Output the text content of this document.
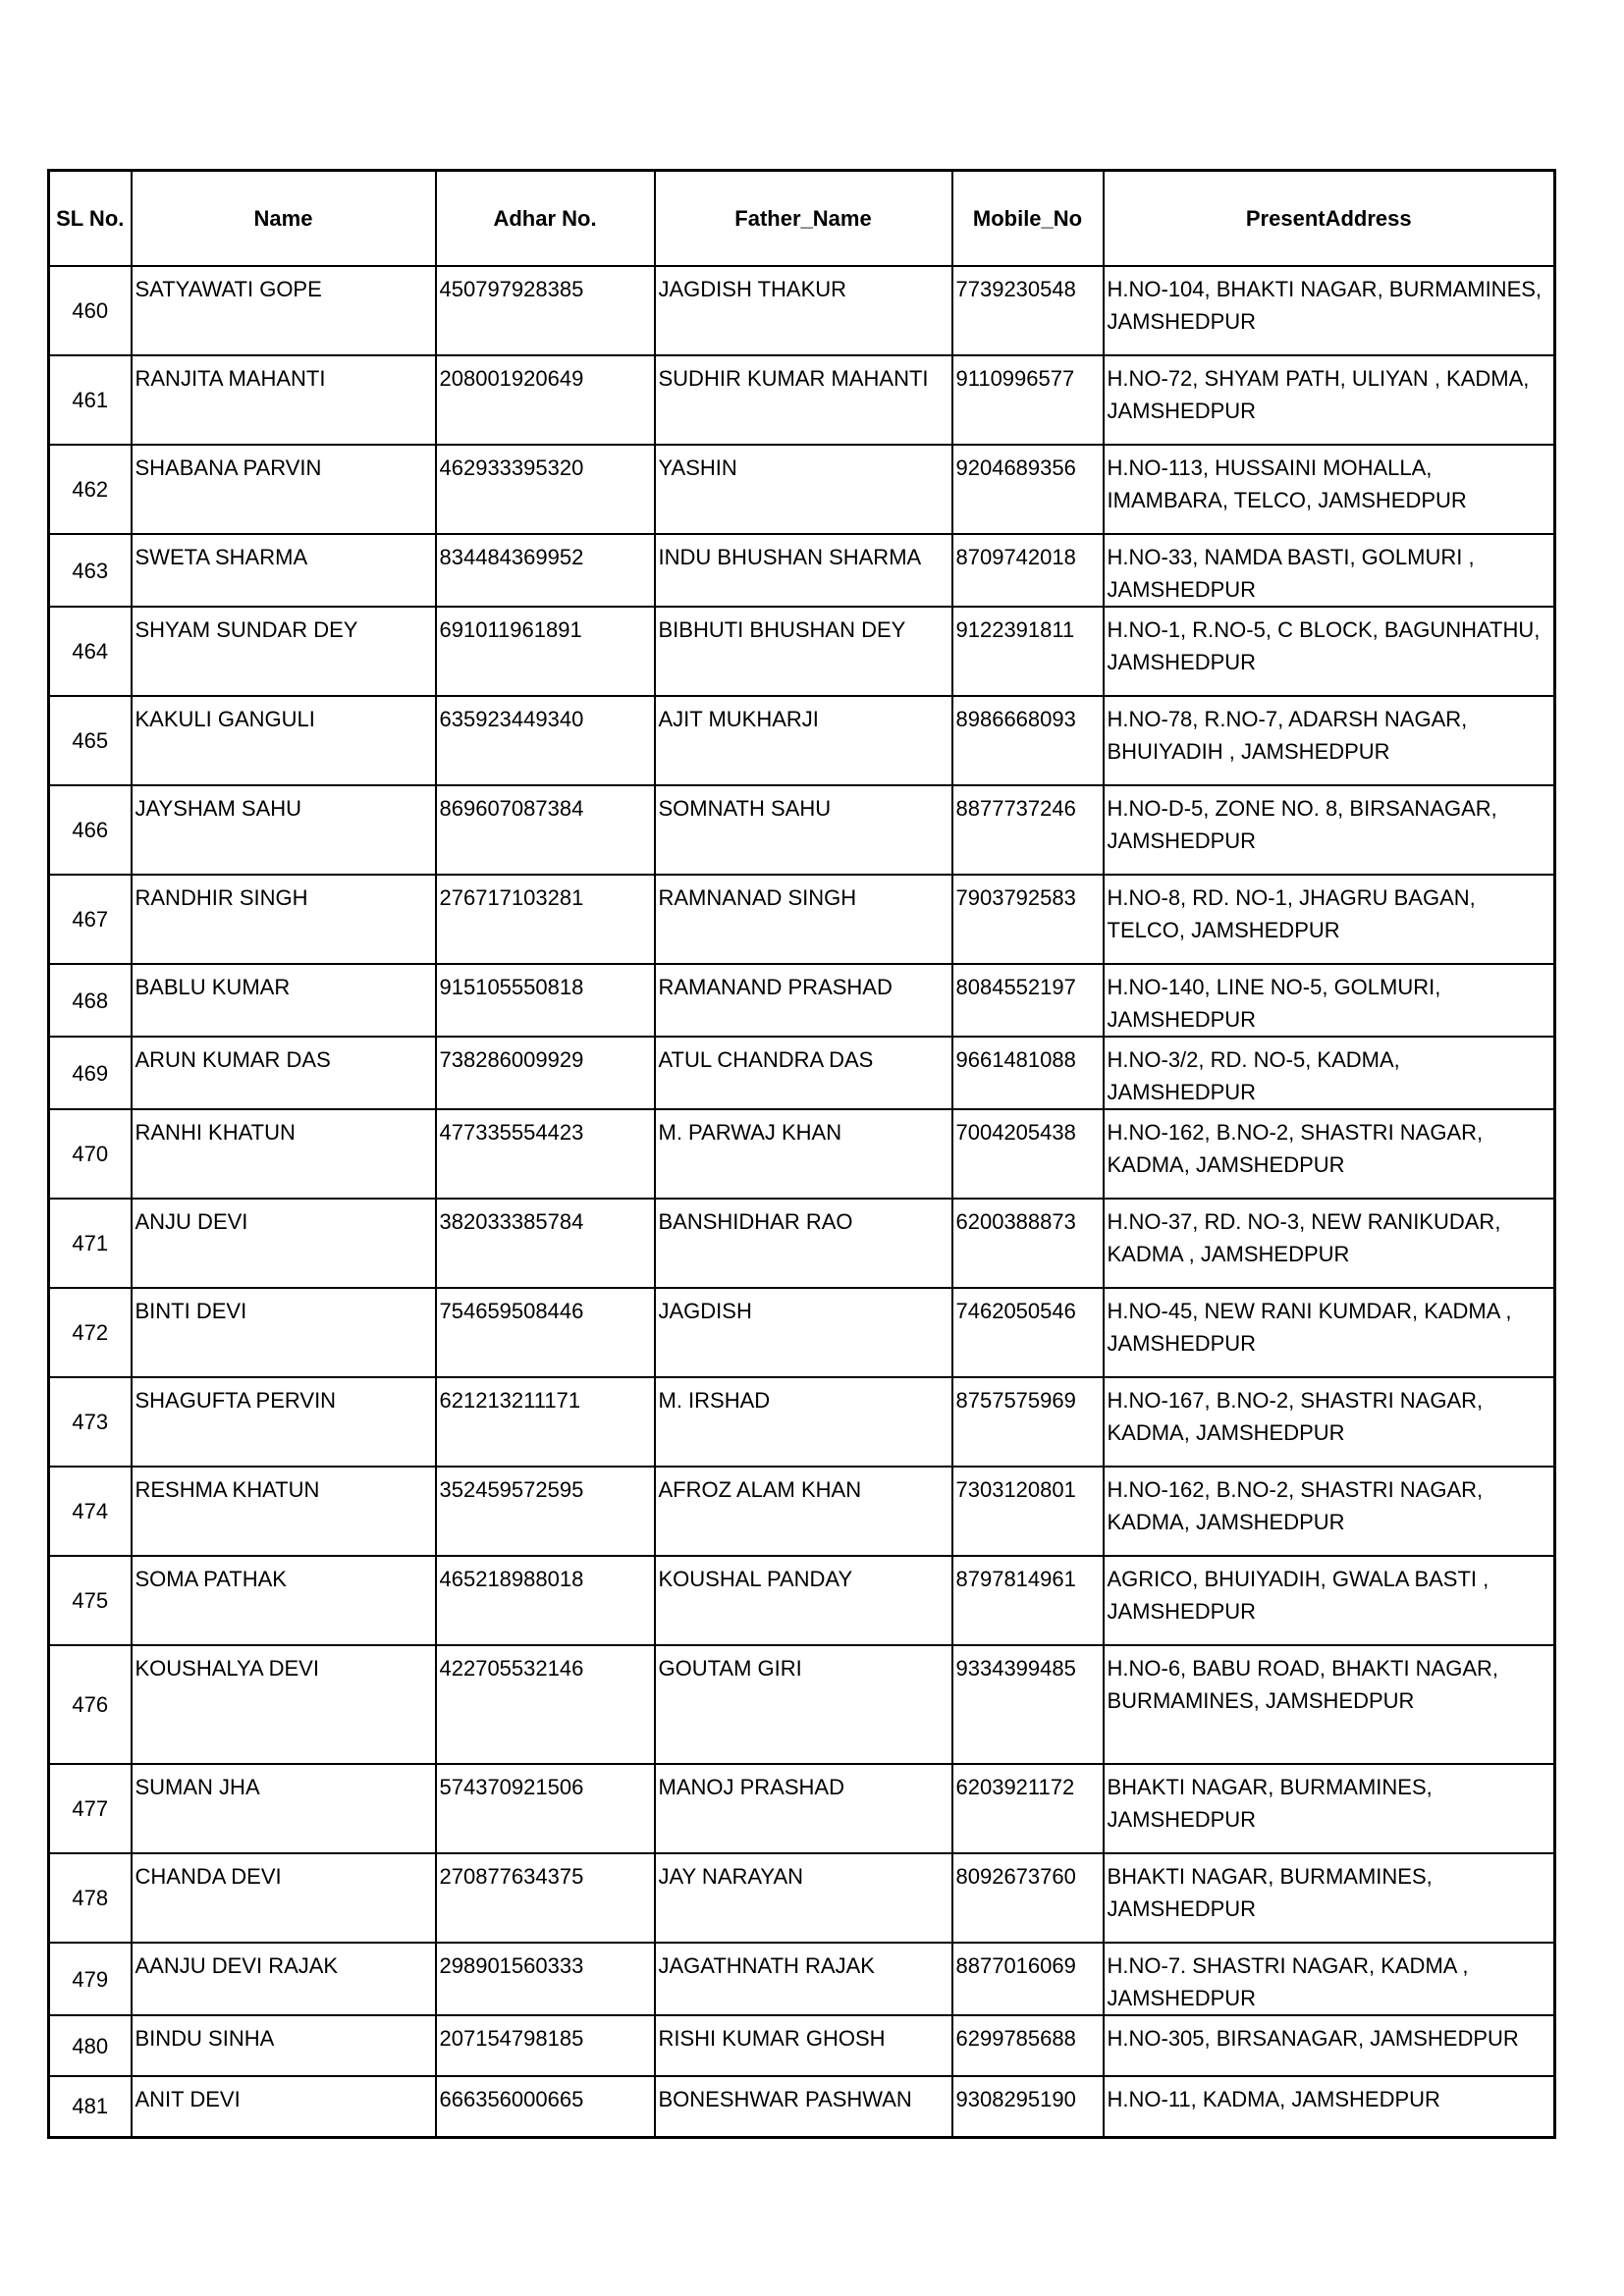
SL No.	Name	Adhar No.	Father_Name	Mobile_No	PresentAddress
460	SATYAWATI GOPE	450797928385	JAGDISH THAKUR	7739230548	H.NO-104, BHAKTI NAGAR, BURMAMINES, JAMSHEDPUR
461	RANJITA MAHANTI	208001920649	SUDHIR KUMAR MAHANTI	9110996577	H.NO-72, SHYAM PATH, ULIYAN , KADMA, JAMSHEDPUR
462	SHABANA PARVIN	462933395320	YASHIN	9204689356	H.NO-113, HUSSAINI MOHALLA, IMAMBARA, TELCO, JAMSHEDPUR
463	SWETA SHARMA	834484369952	INDU BHUSHAN SHARMA	8709742018	H.NO-33, NAMDA BASTI, GOLMURI , JAMSHEDPUR
464	SHYAM SUNDAR DEY	691011961891	BIBHUTI BHUSHAN DEY	9122391811	H.NO-1, R.NO-5, C BLOCK, BAGUNHATHU, JAMSHEDPUR
465	KAKULI GANGULI	635923449340	AJIT MUKHARJI	8986668093	H.NO-78, R.NO-7, ADARSH NAGAR, BHUIYADIH , JAMSHEDPUR
466	JAYSHAM SAHU	869607087384	SOMNATH SAHU	8877737246	H.NO-D-5, ZONE NO. 8, BIRSANAGAR, JAMSHEDPUR
467	RANDHIR SINGH	276717103281	RAMNANAD SINGH	7903792583	H.NO-8, RD. NO-1, JHAGRU BAGAN, TELCO, JAMSHEDPUR
468	BABLU KUMAR	915105550818	RAMANAND PRASHAD	8084552197	H.NO-140, LINE NO-5, GOLMURI, JAMSHEDPUR
469	ARUN KUMAR DAS	738286009929	ATUL CHANDRA DAS	9661481088	H.NO-3/2, RD. NO-5, KADMA, JAMSHEDPUR
470	RANHI KHATUN	477335554423	M. PARWAJ KHAN	7004205438	H.NO-162, B.NO-2, SHASTRI NAGAR, KADMA, JAMSHEDPUR
471	ANJU DEVI	382033385784	BANSHIDHAR RAO	6200388873	H.NO-37, RD. NO-3, NEW RANIKUDAR, KADMA , JAMSHEDPUR
472	BINTI DEVI	754659508446	JAGDISH	7462050546	H.NO-45, NEW RANI KUMDAR, KADMA , JAMSHEDPUR
473	SHAGUFTA PERVIN	621213211171	M. IRSHAD	8757575969	H.NO-167, B.NO-2, SHASTRI NAGAR, KADMA, JAMSHEDPUR
474	RESHMA KHATUN	352459572595	AFROZ ALAM KHAN	7303120801	H.NO-162, B.NO-2, SHASTRI NAGAR, KADMA, JAMSHEDPUR
475	SOMA PATHAK	465218988018	KOUSHAL PANDAY	8797814961	AGRICO, BHUIYADIH, GWALA BASTI , JAMSHEDPUR
476	KOUSHALYA DEVI	422705532146	GOUTAM GIRI	9334399485	H.NO-6, BABU ROAD, BHAKTI NAGAR, BURMAMINES, JAMSHEDPUR
477	SUMAN JHA	574370921506	MANOJ PRASHAD	6203921172	BHAKTI NAGAR, BURMAMINES, JAMSHEDPUR
478	CHANDA DEVI	270877634375	JAY NARAYAN	8092673760	BHAKTI NAGAR, BURMAMINES, JAMSHEDPUR
479	AANJU DEVI RAJAK	298901560333	JAGATHNATH RAJAK	8877016069	H.NO-7. SHASTRI NAGAR, KADMA , JAMSHEDPUR
480	BINDU SINHA	207154798185	RISHI KUMAR GHOSH	6299785688	H.NO-305, BIRSANAGAR, JAMSHEDPUR
481	ANIT DEVI	666356000665	BONESHWAR PASHWAN	9308295190	H.NO-11, KADMA, JAMSHEDPUR
